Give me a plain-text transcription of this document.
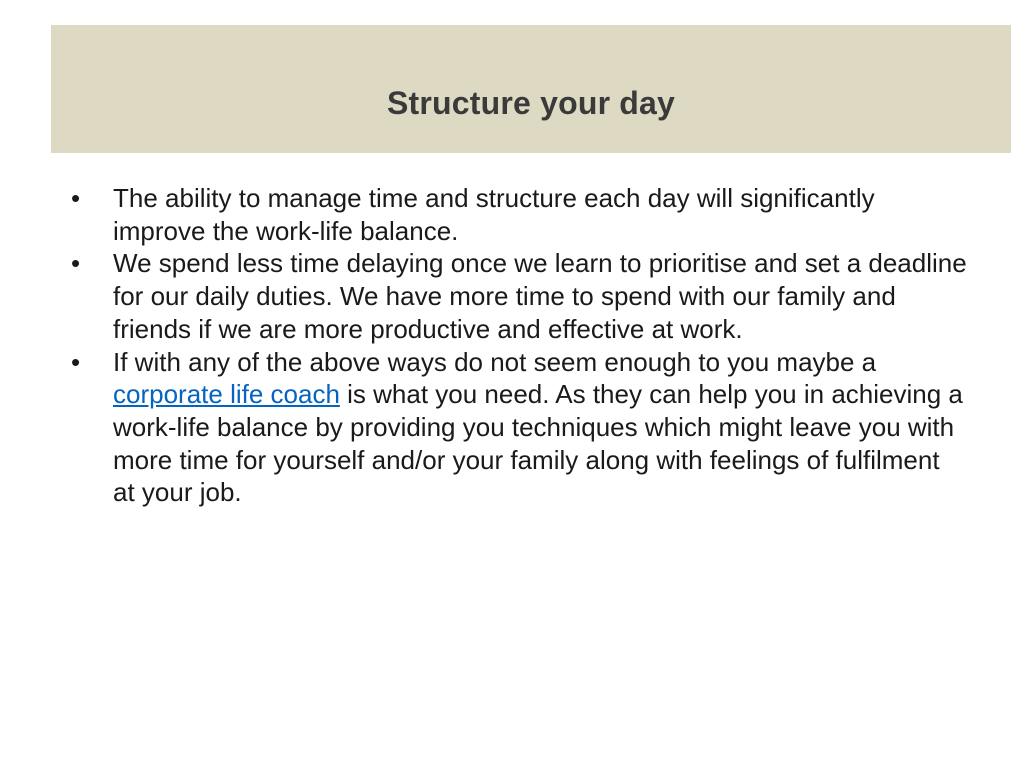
Structure your day
• The ability to manage time and structure each day will significantly improve the work-life balance.
• We spend less time delaying once we learn to prioritise and set a deadline for our daily duties. We have more time to spend with our family and friends if we are more productive and effective at work.
• If with any of the above ways do not seem enough to you maybe a corporate life coach is what you need. As they can help you in achieving a work-life balance by providing you techniques which might leave you with more time for yourself and/or your family along with feelings of fulfilment at your job.
